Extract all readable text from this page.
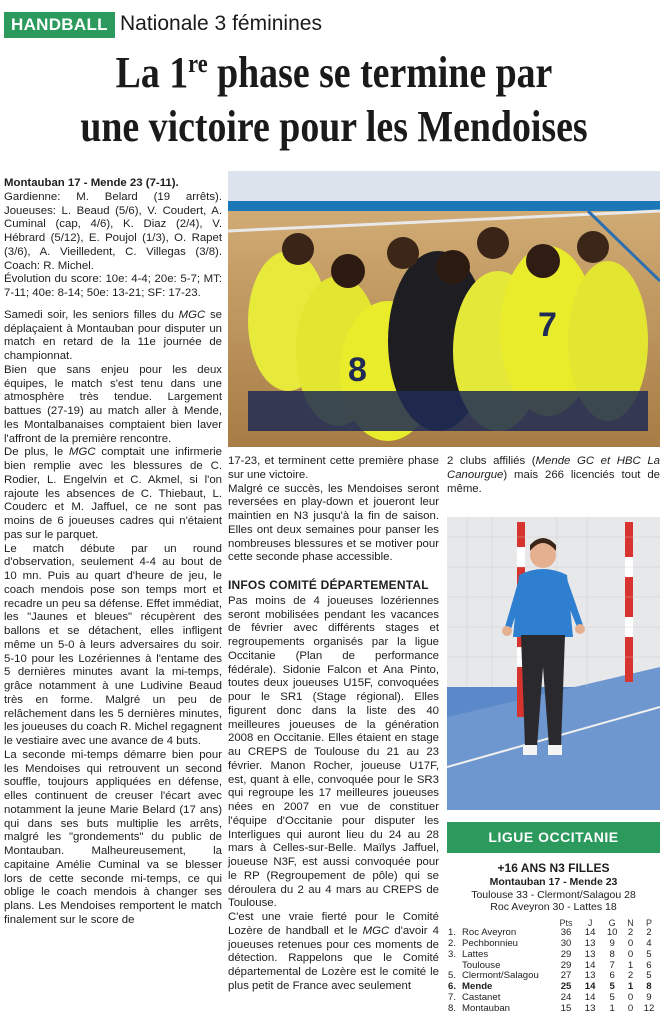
HANDBALL Nationale 3 féminines
La 1re phase se termine par
une victoire pour les Mendoises

Montauban 17 - Mende 23 (7-11).

Gardienne: M. Belard (19 arrêts). Joueuses: L. Beaud (5/6), V. Coudert, A. Cuminal (cap, 4/6), K. Diaz (2/4), V. Hébrard (5/12), E. Poujol (1/3), O. Rapet (3/6), A. Vieilledent, C. Villegas (3/8). Coach: R. Michel.

Évolution du score: 10e: 4-4; 20e: 5-7; MT: 7-11; 40e: 8-14; 50e: 13-21; SF: 17-23.

Samedi soir, les seniors filles du MGC se déplaçaient à Montauban pour disputer un match en retard de la 11e journée de championnat.

Bien que sans enjeu pour les deux équipes, le match s'est tenu dans une atmosphère très tendue. Largement battues (27-19) au match aller à Mende, les Montalbanaises comptaient bien laver l'affront de la première rencontre.

De plus, le MGC comptait une infirmerie bien remplie avec les blessures de C. Rodier, L. Engelvin et C. Akmel, si l'on rajoute les absences de C. Thiebaut, L. Couderc et M. Jaffuel, ce ne sont pas moins de 6 joueuses cadres qui n'étaient pas sur le parquet.

Le match débute par un round d'observation, seulement 4-4 au bout de 10 mn. Puis au quart d'heure de jeu, le coach mendois pose son temps mort et recadre un peu sa défense. Effet immédiat, les "Jaunes et bleues" récupèrent des ballons et se détachent, elles infligent même un 5-0 à leurs adversaires du soir. 5-10 pour les Lozériennes à l'entame des 5 dernières minutes avant la mi-temps, grâce notamment à une Ludivine Beaud très en forme. Malgré un peu de relâchement dans les 5 dernières minutes, les joueuses du coach R. Michel regagnent le vestiaire avec une avance de 4 buts.

La seconde mi-temps démarre bien pour les Mendoises qui retrouvent un second souffle, toujours appliquées en défense, elles continuent de creuser l'écart avec notamment la jeune Marie Belard (17 ans) qui dans ses buts multiplie les arrêts, malgré les "grondements" du public de Montauban. Malheureusement, la capitaine Amélie Cuminal va se blesser lors de cette seconde mi-temps, ce qui oblige le coach mendois à changer ses plans. Les Mendoises remportent le match finalement sur le score de

8
7

17-23, et terminent cette première phase sur une victoire.

Malgré ce succès, les Mendoises seront reversées en play-down et joueront leur maintien en N3 jusqu'à la fin de saison. Elles ont deux semaines pour panser les nombreuses blessures et se motiver pour cette seconde phase accessible.

INFOS COMITÉ DÉPARTEMENTAL

Pas moins de 4 joueuses lozériennes seront mobilisées pendant les vacances de février avec différents stages et regroupements organisés par la ligue Occitanie (Plan de performance fédérale). Sidonie Falcon et Ana Pinto, toutes deux joueuses U15F, convoquées pour le SR1 (Stage régional). Elles figurent donc dans la liste des 40 meilleures joueuses de la génération 2008 en Occitanie. Elles étaient en stage au CREPS de Toulouse du 21 au 23 février. Manon Rocher, joueuse U17F, est, quant à elle, convoquée pour le SR3 qui regroupe les 17 meilleures joueuses nées en 2007 en vue de constituer l'équipe d'Occitanie pour disputer les Interligues qui auront lieu du 24 au 28 mars à Celles-sur-Belle. Maïlys Jaffuel, joueuse N3F, est aussi convoquée pour le RP (Regroupement de pôle) qui se déroulera du 2 au 4 mars au CREPS de Toulouse.

C'est une vraie fierté pour le Comité Lozère de handball et le MGC d'avoir 4 joueuses retenues pour ces moments de détection. Rappelons que le Comité départemental de Lozère est le comité le plus petit de France avec seulement

2 clubs affiliés (Mende GC et HBC La Canourgue) mais 266 licenciés tout de même.

LIGUE OCCITANIE
+16 ANS N3 FILLES
Montauban 17 - Mende 23
Toulouse 33 - Clermont/Salagou 28
Roc Aveyron 30 - Lattes 18
		Pts	J	G	N	P
1.	Roc Aveyron	36	14	10	2	2
2.	Pechbonnieu	30	13	9	0	4
3.	Lattes	29	13	8	0	5
	Toulouse	29	14	7	1	6
5.	Clermont/Salagou	27	13	6	2	5
6.	Mende	25	14	5	1	8
7.	Castanet	24	14	5	0	9
8.	Montauban	15	13	1	0	12
